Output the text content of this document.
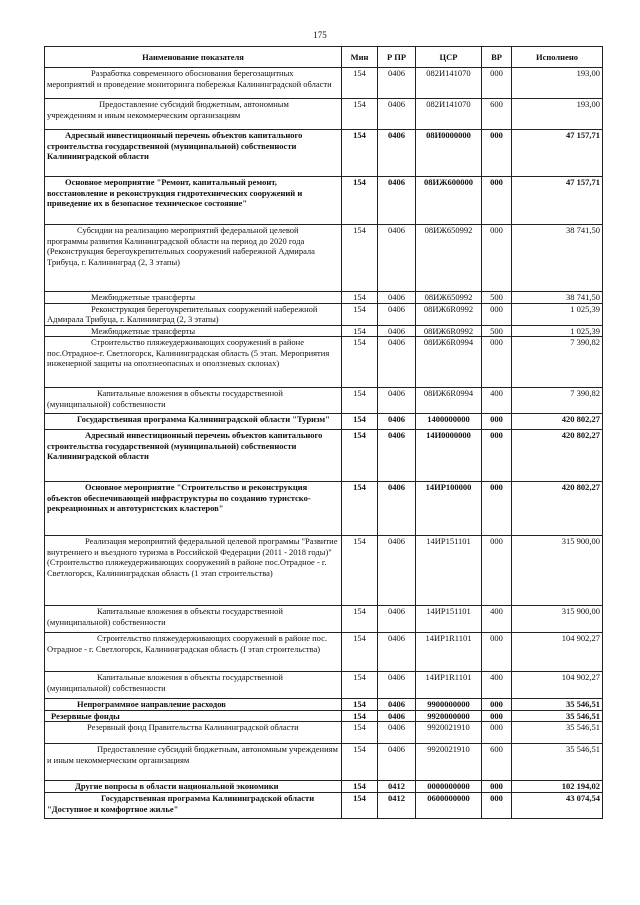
175
Наименование показателя	Мин	Р ПР	ЦСР	ВР	Исполнено

Разработка современного обоснования берегозащитных мероприятий и проведение мониторинга побережья Калининградской области	154	0406	082И141070	000	193,00

Предоставление субсидий бюджетным, автономным учреждениям и иным некоммерческим организациям	154	0406	082И141070	600	193,00

Адресный инвестиционный перечень объектов капитального строительства государственной (муниципальной) собственности Калининградской области	154	0406	08И0000000	000	47 157,71

Основное мероприятие "Ремонт, капитальный ремонт, восстановление и реконструкция гидротехнических сооружений и приведение их в безопасное техническое состояние"	154	0406	08ИЖ600000	000	47 157,71

Субсидии на реализацию мероприятий федеральной целевой программы развития Калининградской области на период до 2020 года (Реконструкция берегоукрепительных сооружений набережной Адмирала Трибуца, г. Калининград (2, 3 этапы)	154	0406	08ИЖ650992	000	38 741,50

Межбюджетные трансферты	154	0406	08ИЖ650992	500	38 741,50

Реконструкция берегоукрепительных сооружений набережной Адмирала Трибуца, г. Калининград (2, 3 этапы)	154	0406	08ИЖ6R0992	000	1 025,39

Межбюджетные трансферты	154	0406	08ИЖ6R0992	500	1 025,39

Строительство пляжеудерживающих сооружений в районе пос.Отрадное-г. Светлогорск, Калининградская область (5 этап. Мероприятия инженерной защиты на оползнеопасных и оползневых склонах)	154	0406	08ИЖ6R0994	000	7 390,82

Капитальные вложения в объекты государственной (муниципальной) собственности	154	0406	08ИЖ6R0994	400	7 390,82

Государственная программа Калининградской области "Туризм"	154	0406	1400000000	000	420 802,27

Адресный инвестиционный перечень объектов капитального строительства государственной (муниципальной) собственности Калининградской области	154	0406	14И0000000	000	420 802,27

Основное мероприятие "Строительство и реконструкция объектов обеспечивающей инфраструктуры по созданию туристско-рекреационных и автотуристских кластеров"	154	0406	14ИР100000	000	420 802,27

Реализация мероприятий федеральной целевой программы "Развитие внутреннего и въездного туризма в Российской Федерации (2011 - 2018 годы)" (Строительство пляжеудерживающих сооружений в районе пос.Отрадное - г. Светлогорск, Калининградская область (1 этап строительства)	154	0406	14ИР151101	000	315 900,00

Капитальные вложения в объекты государственной (муниципальной) собственности	154	0406	14ИР151101	400	315 900,00

Строительство пляжеудерживающих сооружений в районе пос. Отрадное - г. Светлогорск, Калининградская область (I этап строительства)	154	0406	14ИР1R1101	000	104 902,27

Капитальные вложения в объекты государственной (муниципальной) собственности	154	0406	14ИР1R1101	400	104 902,27

Непрограммное направление расходов	154	0406	9900000000	000	35 546,51

Резервные фонды	154	0406	9920000000	000	35 546,51

Резервный фонд Правительства Калининградской области	154	0406	9920021910	000	35 546,51

Предоставление субсидий бюджетным, автономным учреждениям и иным некоммерческим организациям	154	0406	9920021910	600	35 546,51

Другие вопросы в области национальной экономики	154	0412	0000000000	000	102 194,02

Государственная программа Калининградской области "Доступное и комфортное жилье"	154	0412	0600000000	000	43 074,54
